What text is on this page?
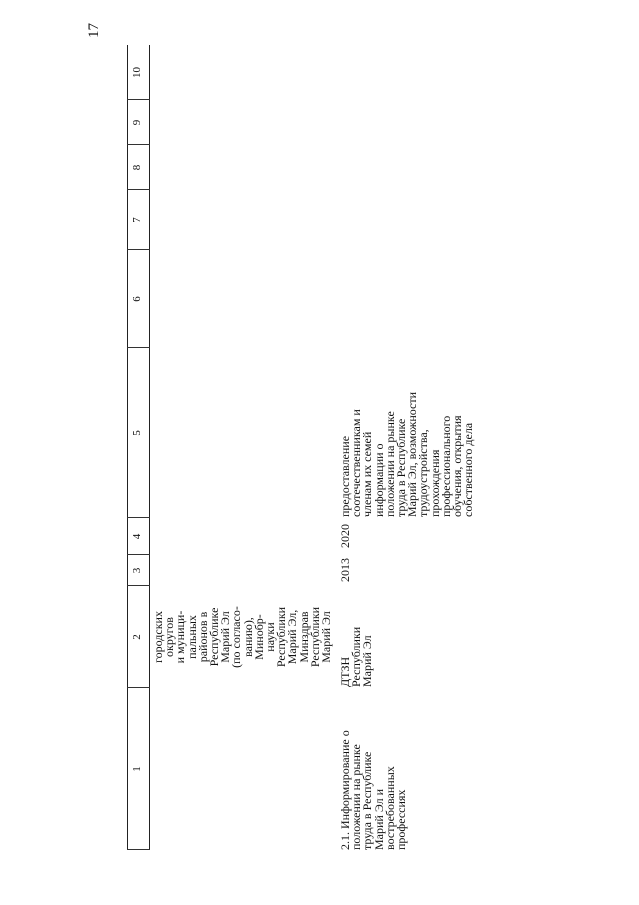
17
1
2
3
4
5
6
7
8
9
10

городских

округов

и муници-

пальных

районов в

Республике

Марий Эл

(по согласо-

ванию),

Минобр-

науки

Республики

Марий Эл,

Минздрав

Республики

Марий Эл

2.1. Информирование о

положении на рынке

труда в Республике

Марий Эл и

востребованных

профессиях

ДТЗН

Республики

Марий Эл

2013
2020

предоставление

соотечественникам и

членам их семей

информации о

положении на рынке

труда в Республике

Марий Эл, возможности

трудоустройства,

прохождения

профессионального

обучения, открытия

собственного дела
